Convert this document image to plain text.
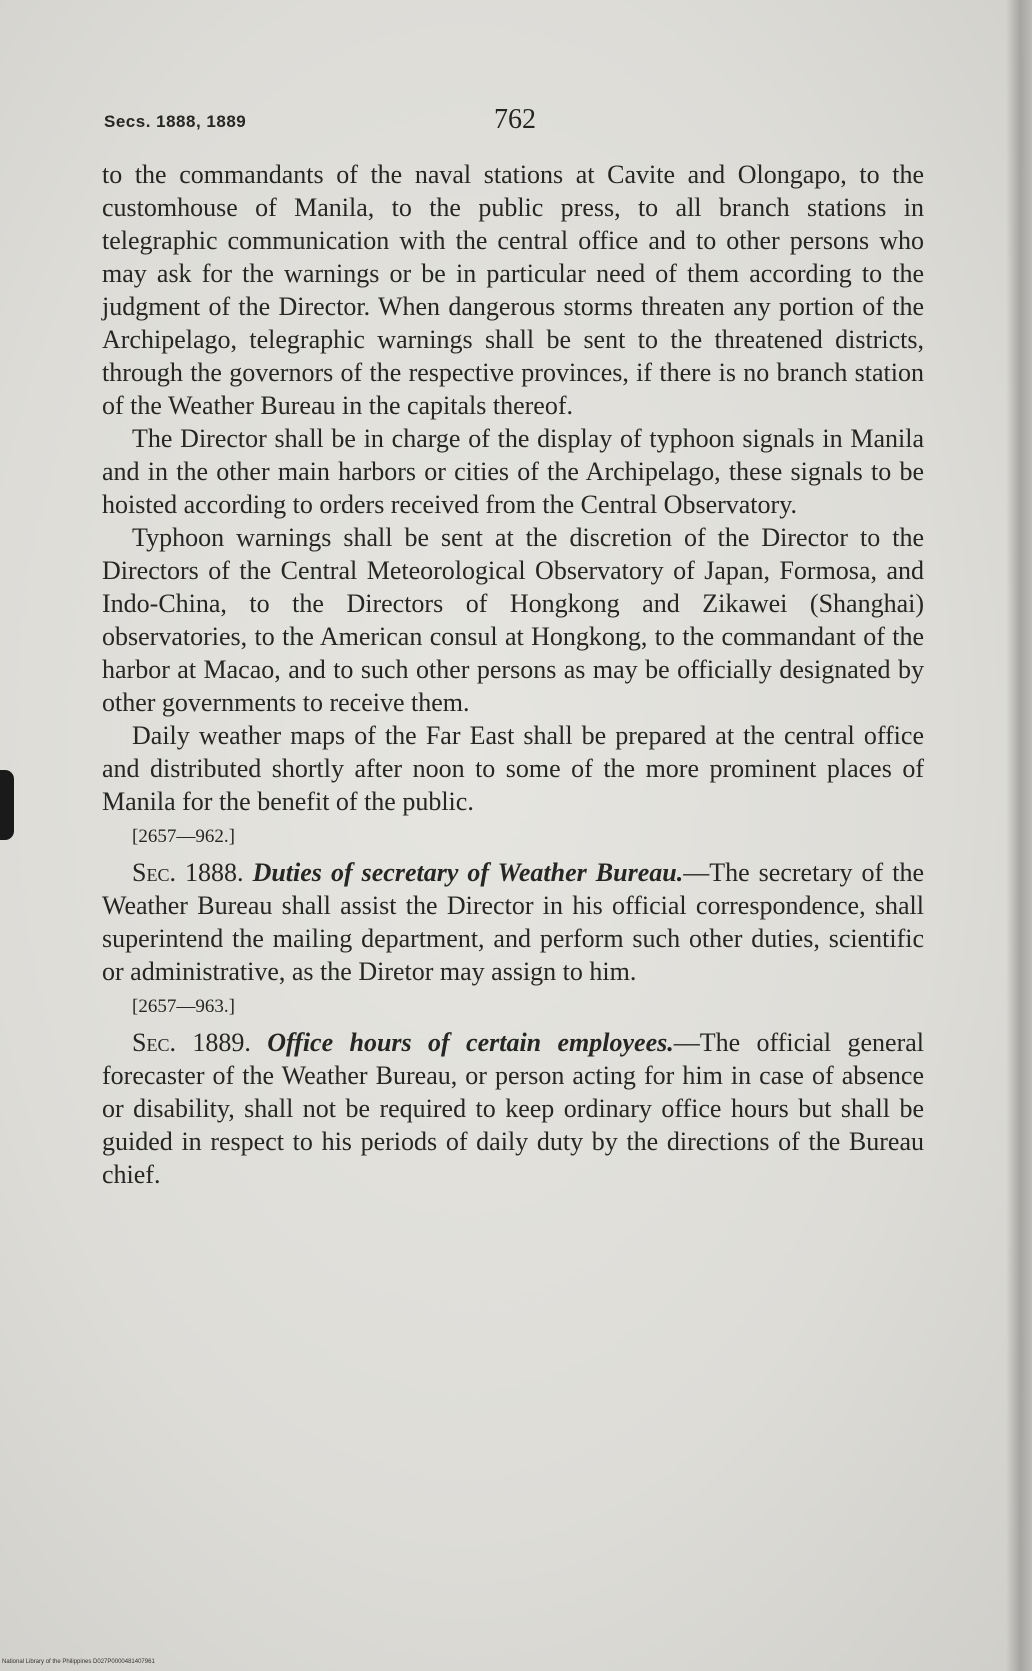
Secs. 1888, 1889	762

to the commandants of the naval stations at Cavite and Olongapo, to the customhouse of Manila, to the public press, to all branch stations in telegraphic communication with the central office and to other persons who may ask for the warnings or be in particular need of them according to the judgment of the Director. When dangerous storms threaten any portion of the Archipelago, telegraphic warnings shall be sent to the threatened districts, through the governors of the respective provinces, if there is no branch station of the Weather Bureau in the capitals thereof.

The Director shall be in charge of the display of typhoon signals in Manila and in the other main harbors or cities of the Archipelago, these signals to be hoisted according to orders received from the Central Observatory.

Typhoon warnings shall be sent at the discretion of the Director to the Directors of the Central Meteorological Observatory of Japan, Formosa, and Indo-China, to the Directors of Hongkong and Zikawei (Shanghai) observatories, to the American consul at Hongkong, to the commandant of the harbor at Macao, and to such other persons as may be officially designated by other governments to receive them.

Daily weather maps of the Far East shall be prepared at the central office and distributed shortly after noon to some of the more prominent places of Manila for the benefit of the public.

[2657—962.]

Sec. 1888. Duties of secretary of Weather Bureau.—The secretary of the Weather Bureau shall assist the Director in his official correspondence, shall superintend the mailing department, and perform such other duties, scientific or administrative, as the Diretor may assign to him.

[2657—963.]

Sec. 1889. Office hours of certain employees.—The official general forecaster of the Weather Bureau, or person acting for him in case of absence or disability, shall not be required to keep ordinary office hours but shall be guided in respect to his periods of daily duty by the directions of the Bureau chief.

National Library of the Philippines D027P0000481407961
